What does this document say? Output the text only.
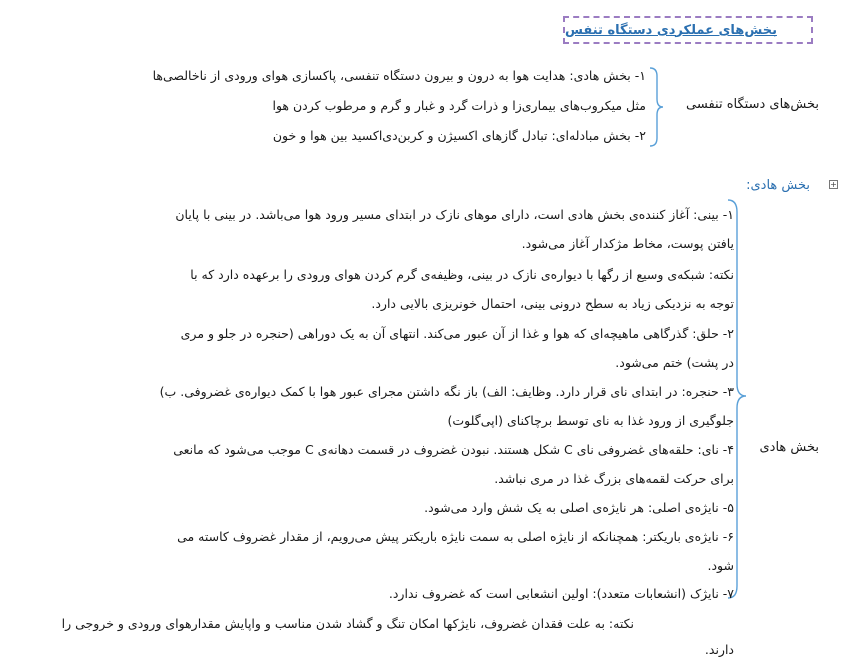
بخش‌های عملکردی دستگاه تنفس
بخش‌های دستگاه تنفسی
۱- بخش هادی: هدایت هوا به درون و بیرون دستگاه تنفسی، پاکسازی هوای ورودی از ناخالصی‌ها
مثل میکروب‌های بیماری‌زا و ذرات گرد و غبار و گرم و مرطوب کردن هوا
۲- بخش مبادله‌ای: تبادل گازهای اکسیژن و کربن‌دی‌اکسید بین هوا و خون
+
بخش هادی:
بخش هادی
۱- بینی: آغاز کننده‌ی بخش هادی است، دارای موهای نازک در ابتدای مسیر ورود هوا می‌باشد. در بینی با پایان
یافتن پوست، مخاط مژکدار آغاز می‌شود.
نکته: شبکه‌ی وسیع از رگها با دیواره‌ی نازک در بینی، وظیفه‌ی گرم کردن هوای ورودی را برعهده دارد که با
توجه به نزدیکی زیاد به سطح درونی بینی، احتمال خونریزی بالایی دارد.
۲- حلق: گذرگاهی ماهیچه‌ای که هوا و غذا از آن عبور می‌کند. انتهای آن به یک دوراهی (حنجره در جلو و مری
در پشت) ختم می‌شود.
۳- حنجره: در ابتدای نای قرار دارد. وظایف: الف) باز نگه داشتن مجرای عبور هوا با کمک دیواره‌ی غضروفی. ب)
جلوگیری از ورود غذا به نای توسط برچاکنای (اپی‌گلوت)
۴- نای: حلقه‌های غضروفی نای C شکل هستند. نبودن غضروف در قسمت دهانه‌ی C موجب می‌شود که مانعی
برای حرکت لقمه‌های بزرگ غذا در مری نباشد.
۵- نایژه‌ی اصلی: هر نایژه‌ی اصلی به یک شش وارد می‌شود.
۶- نایژه‌ی باریکتر: همچنانکه از نایژه اصلی به سمت نایژه باریکتر پیش می‌رویم، از مقدار غضروف کاسته می
شود.
۷- نایژک (انشعابات متعدد): اولین انشعابی است که غضروف ندارد.
نکته: به علت فقدان غضروف، نایژکها امکان تنگ و گشاد شدن مناسب و واپایش مقدارهوای ورودی و خروجی را
دارند.
